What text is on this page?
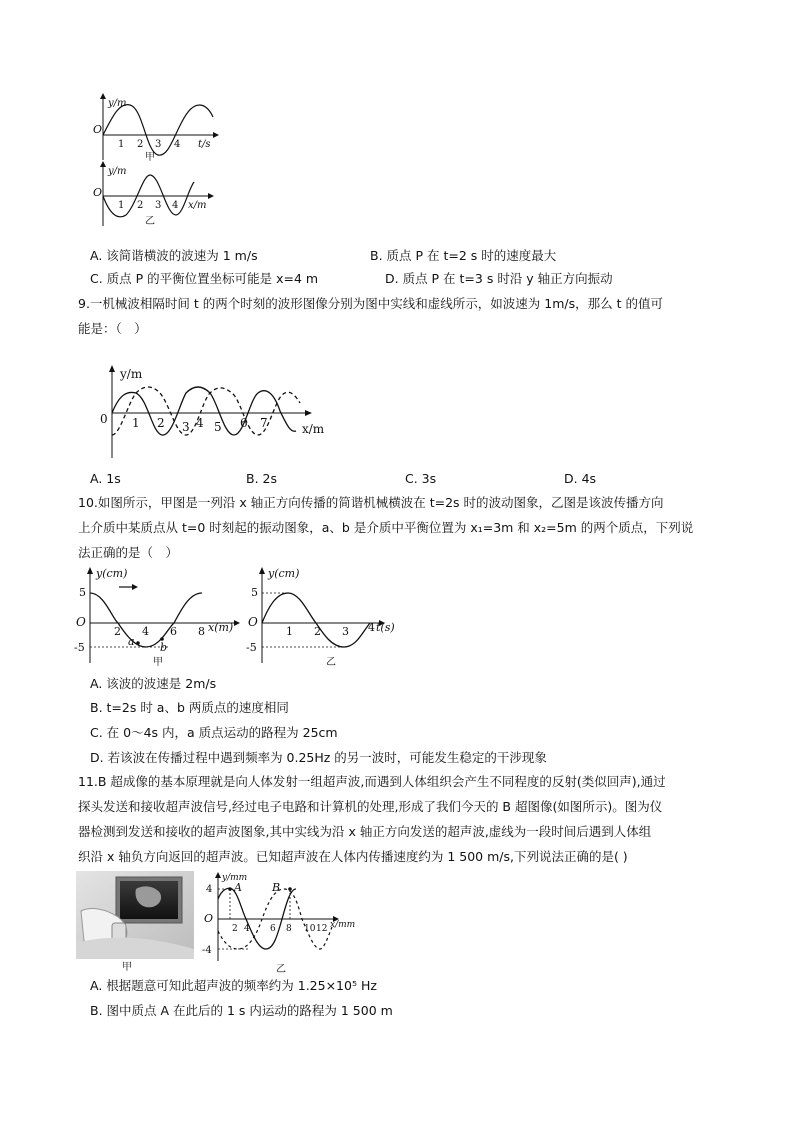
y/m
O
1 2 3 4 t/s
甲
y/m
O
1 2 3 4 x/m
乙
A. 该简谐横波的波速为 1 m/s	B. 质点 P 在 t=2 s 时的速度最大
C. 质点 P 的平衡位置坐标可能是 x=4 m	D. 质点 P 在 t=3 s 时沿 y 轴正方向振动
9.一机械波相隔时间 t 的两个时刻的波形图像分别为图中实线和虚线所示，如波速为 1m/s，那么 t 的值可
能是：（　）
y/m
0 1 2 3 4 5 6 7	x/m
A. 1s	B. 2s	C. 3s	D. 4s
10.如图所示，甲图是一列沿 x 轴正方向传播的简谐机械横波在 t=2s 时的波动图象，乙图是该波传播方向
上介质中某质点从 t=0 时刻起的振动图象，a、b 是介质中平衡位置为 x₁=3m 和 x₂=5m 的两个质点，下列说
法正确的是（　）
y(cm)
5
O
-5
2 4 6 8 x(m)
a b
甲
y(cm)
5
O
-5
1 2 3 4 t(s)
乙
A. 该波的波速是 2m/s
B. t=2s 时 a、b 两质点的速度相同
C. 在 0～4s 内，a 质点运动的路程为 25cm
D. 若该波在传播过程中遇到频率为 0.25Hz 的另一波时，可能发生稳定的干涉现象
11.B 超成像的基本原理就是向人体发射一组超声波,而遇到人体组织会产生不同程度的反射(类似回声),通过
探头发送和接收超声波信号,经过电子电路和计算机的处理,形成了我们今天的 B 超图像(如图所示)。图为仪
器检测到发送和接收的超声波图象,其中实线为沿 x 轴正方向发送的超声波,虚线为一段时间后遇到人体组
织沿 x 轴负方向返回的超声波。已知超声波在人体内传播速度约为 1 500 m/s,下列说法正确的是( )
甲
y/mm
4
O
-4
A	B
2 4 6 8 10 12 x/mm
乙
A. 根据题意可知此超声波的频率约为 1.25×10⁵ Hz
B. 图中质点 A 在此后的 1 s 内运动的路程为 1 500 m
